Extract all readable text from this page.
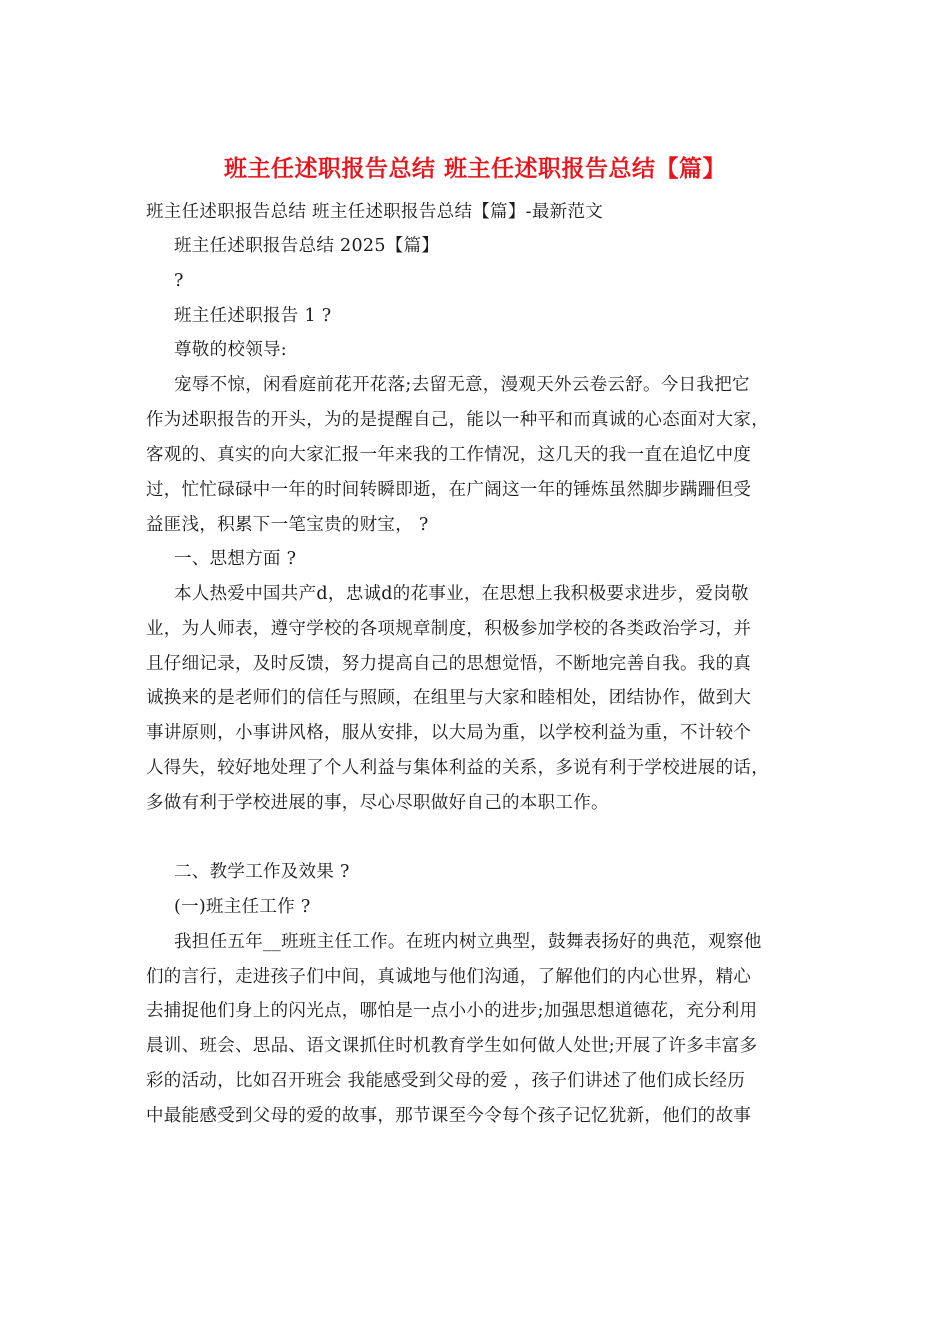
班主任述职报告总结 班主任述职报告总结【篇】
班主任述职报告总结 班主任述职报告总结【篇】-最新范文
班主任述职报告总结 2025【篇】
?
班主任述职报告 1 ?
尊敬的校领导:
宠辱不惊，闲看庭前花开花落;去留无意，漫观天外云卷云舒。今日我把它
作为述职报告的开头，为的是提醒自己，能以一种平和而真诚的心态面对大家，
客观的、真实的向大家汇报一年来我的工作情况，这几天的我一直在追忆中度
过，忙忙碌碌中一年的时间转瞬即逝，在广阔这一年的锤炼虽然脚步蹒跚但受
益匪浅，积累下一笔宝贵的财宝， ?
一、思想方面 ?
本人热爱中国共产d，忠诚d的花事业，在思想上我积极要求进步，爱岗敬
业，为人师表，遵守学校的各项规章制度，积极参加学校的各类政治学习，并
且仔细记录，及时反馈，努力提高自己的思想觉悟，不断地完善自我。我的真
诚换来的是老师们的信任与照顾，在组里与大家和睦相处，团结协作，做到大
事讲原则，小事讲风格，服从安排，以大局为重，以学校利益为重，不计较个
人得失，较好地处理了个人利益与集体利益的关系，多说有利于学校进展的话，
多做有利于学校进展的事，尽心尽职做好自己的本职工作。
二、教学工作及效果 ?
(一)班主任工作 ?
我担任五年__班班主任工作。在班内树立典型，鼓舞表扬好的典范，观察他
们的言行，走进孩子们中间，真诚地与他们沟通，了解他们的内心世界，精心
去捕捉他们身上的闪光点，哪怕是一点小小的进步;加强思想道德花，充分利用
晨训、班会、思品、语文课抓住时机教育学生如何做人处世;开展了许多丰富多
彩的活动，比如召开班会 我能感受到父母的爱 ，孩子们讲述了他们成长经历
中最能感受到父母的爱的故事，那节课至今令每个孩子记忆犹新，他们的故事
